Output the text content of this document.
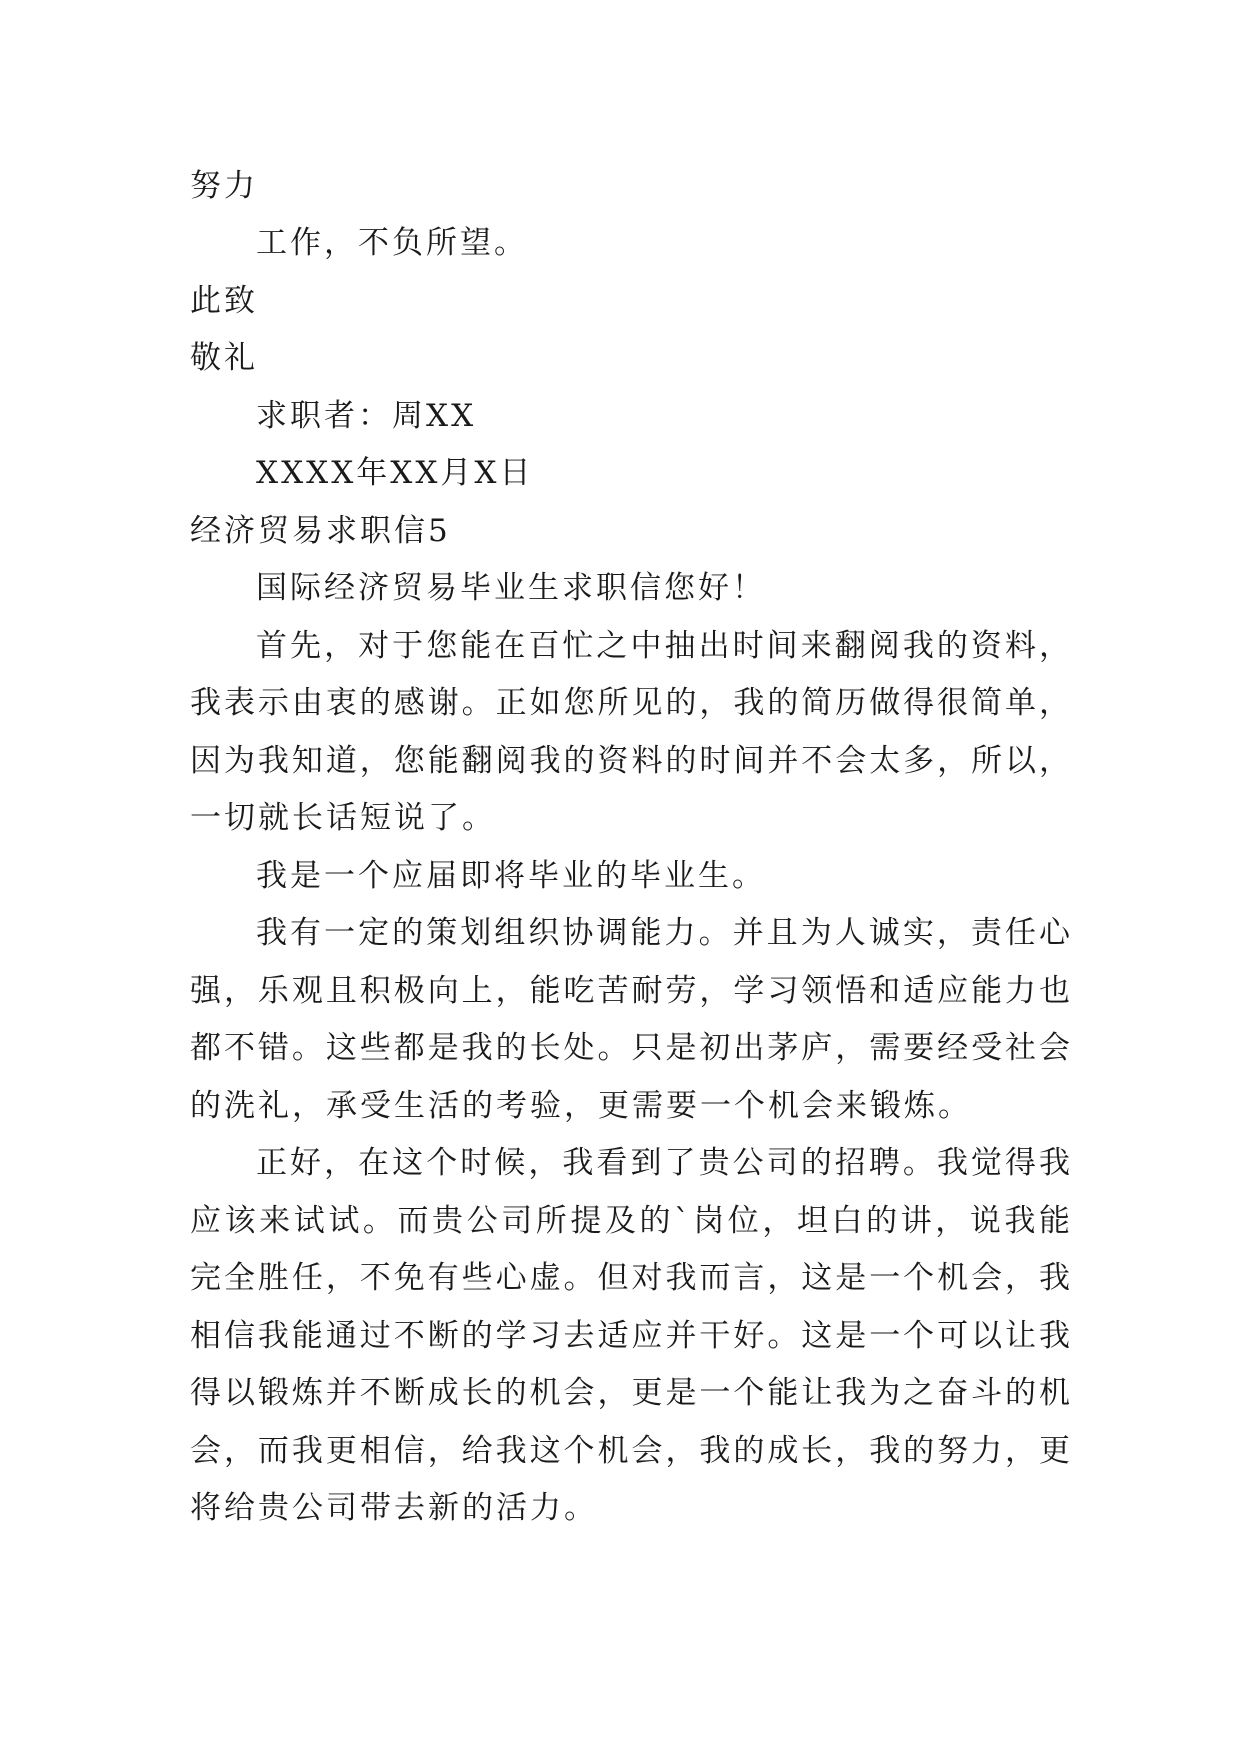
努力

工作，不负所望。

此致

敬礼

求职者：周XX

XXXX年XX月X日

经济贸易求职信5

国际经济贸易毕业生求职信您好！

首先，对于您能在百忙之中抽出时间来翻阅我的资料，

我表示由衷的感谢。正如您所见的，我的简历做得很简单，

因为我知道，您能翻阅我的资料的时间并不会太多，所以，

一切就长话短说了。

我是一个应届即将毕业的毕业生。

我有一定的策划组织协调能力。并且为人诚实，责任心

强，乐观且积极向上，能吃苦耐劳，学习领悟和适应能力也

都不错。这些都是我的长处。只是初出茅庐，需要经受社会

的洗礼，承受生活的考验，更需要一个机会来锻炼。

正好，在这个时候，我看到了贵公司的招聘。我觉得我

应该来试试。而贵公司所提及的`岗位，坦白的讲，说我能

完全胜任，不免有些心虚。但对我而言，这是一个机会，我

相信我能通过不断的学习去适应并干好。这是一个可以让我

得以锻炼并不断成长的机会，更是一个能让我为之奋斗的机

会，而我更相信，给我这个机会，我的成长，我的努力，更

将给贵公司带去新的活力。
